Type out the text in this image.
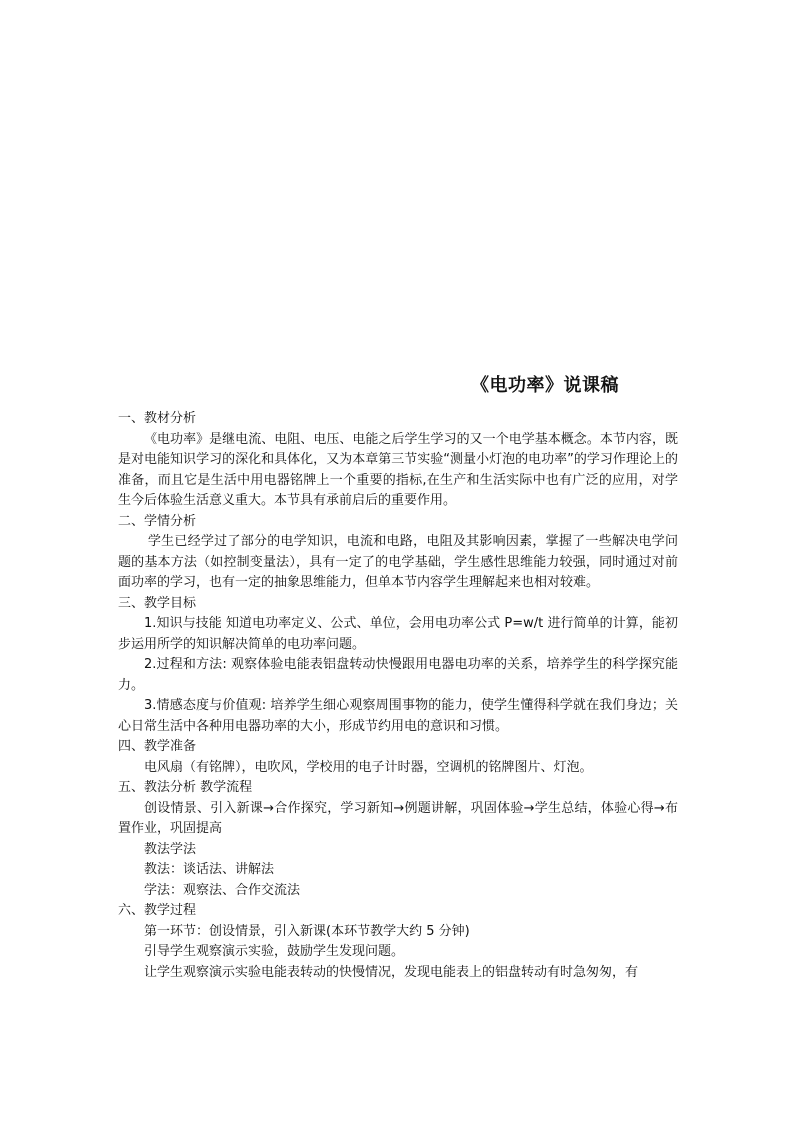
《电功率》说课稿

一、教材分析

《电功率》是继电流、电阻、电压、电能之后学生学习的又一个电学基本概念。本节内容，既是对电能知识学习的深化和具体化，又为本章第三节实验“测量小灯泡的电功率”的学习作理论上的准备，而且它是生活中用电器铭牌上一个重要的指标,在生产和生活实际中也有广泛的应用，对学生今后体验生活意义重大。本节具有承前启后的重要作用。

二、学情分析

学生已经学过了部分的电学知识，电流和电路，电阻及其影响因素，掌握了一些解决电学问题的基本方法（如控制变量法），具有一定了的电学基础，学生感性思维能力较强，同时通过对前面功率的学习，也有一定的抽象思维能力，但单本节内容学生理解起来也相对较难。

三、教学目标

1.知识与技能 知道电功率定义、公式、单位，会用电功率公式 P=w/t 进行简单的计算，能初步运用所学的知识解决简单的电功率问题。

2.过程和方法: 观察体验电能表铝盘转动快慢跟用电器电功率的关系，培养学生的科学探究能力。

3.情感态度与价值观: 培养学生细心观察周围事物的能力，使学生懂得科学就在我们身边；关心日常生活中各种用电器功率的大小，形成节约用电的意识和习惯。

四、教学准备

电风扇（有铭牌），电吹风，学校用的电子计时器，空调机的铭牌图片、灯泡。

五、教法分析 教学流程

创设情景、引入新课→合作探究，学习新知→例题讲解，巩固体验→学生总结，体验心得→布置作业，巩固提高

教法学法

教法：谈话法、讲解法

学法：观察法、合作交流法

六、教学过程

第一环节：创设情景，引入新课(本环节教学大约 5 分钟)

引导学生观察演示实验，鼓励学生发现问题。

让学生观察演示实验电能表转动的快慢情况，发现电能表上的铝盘转动有时急匆匆，有
